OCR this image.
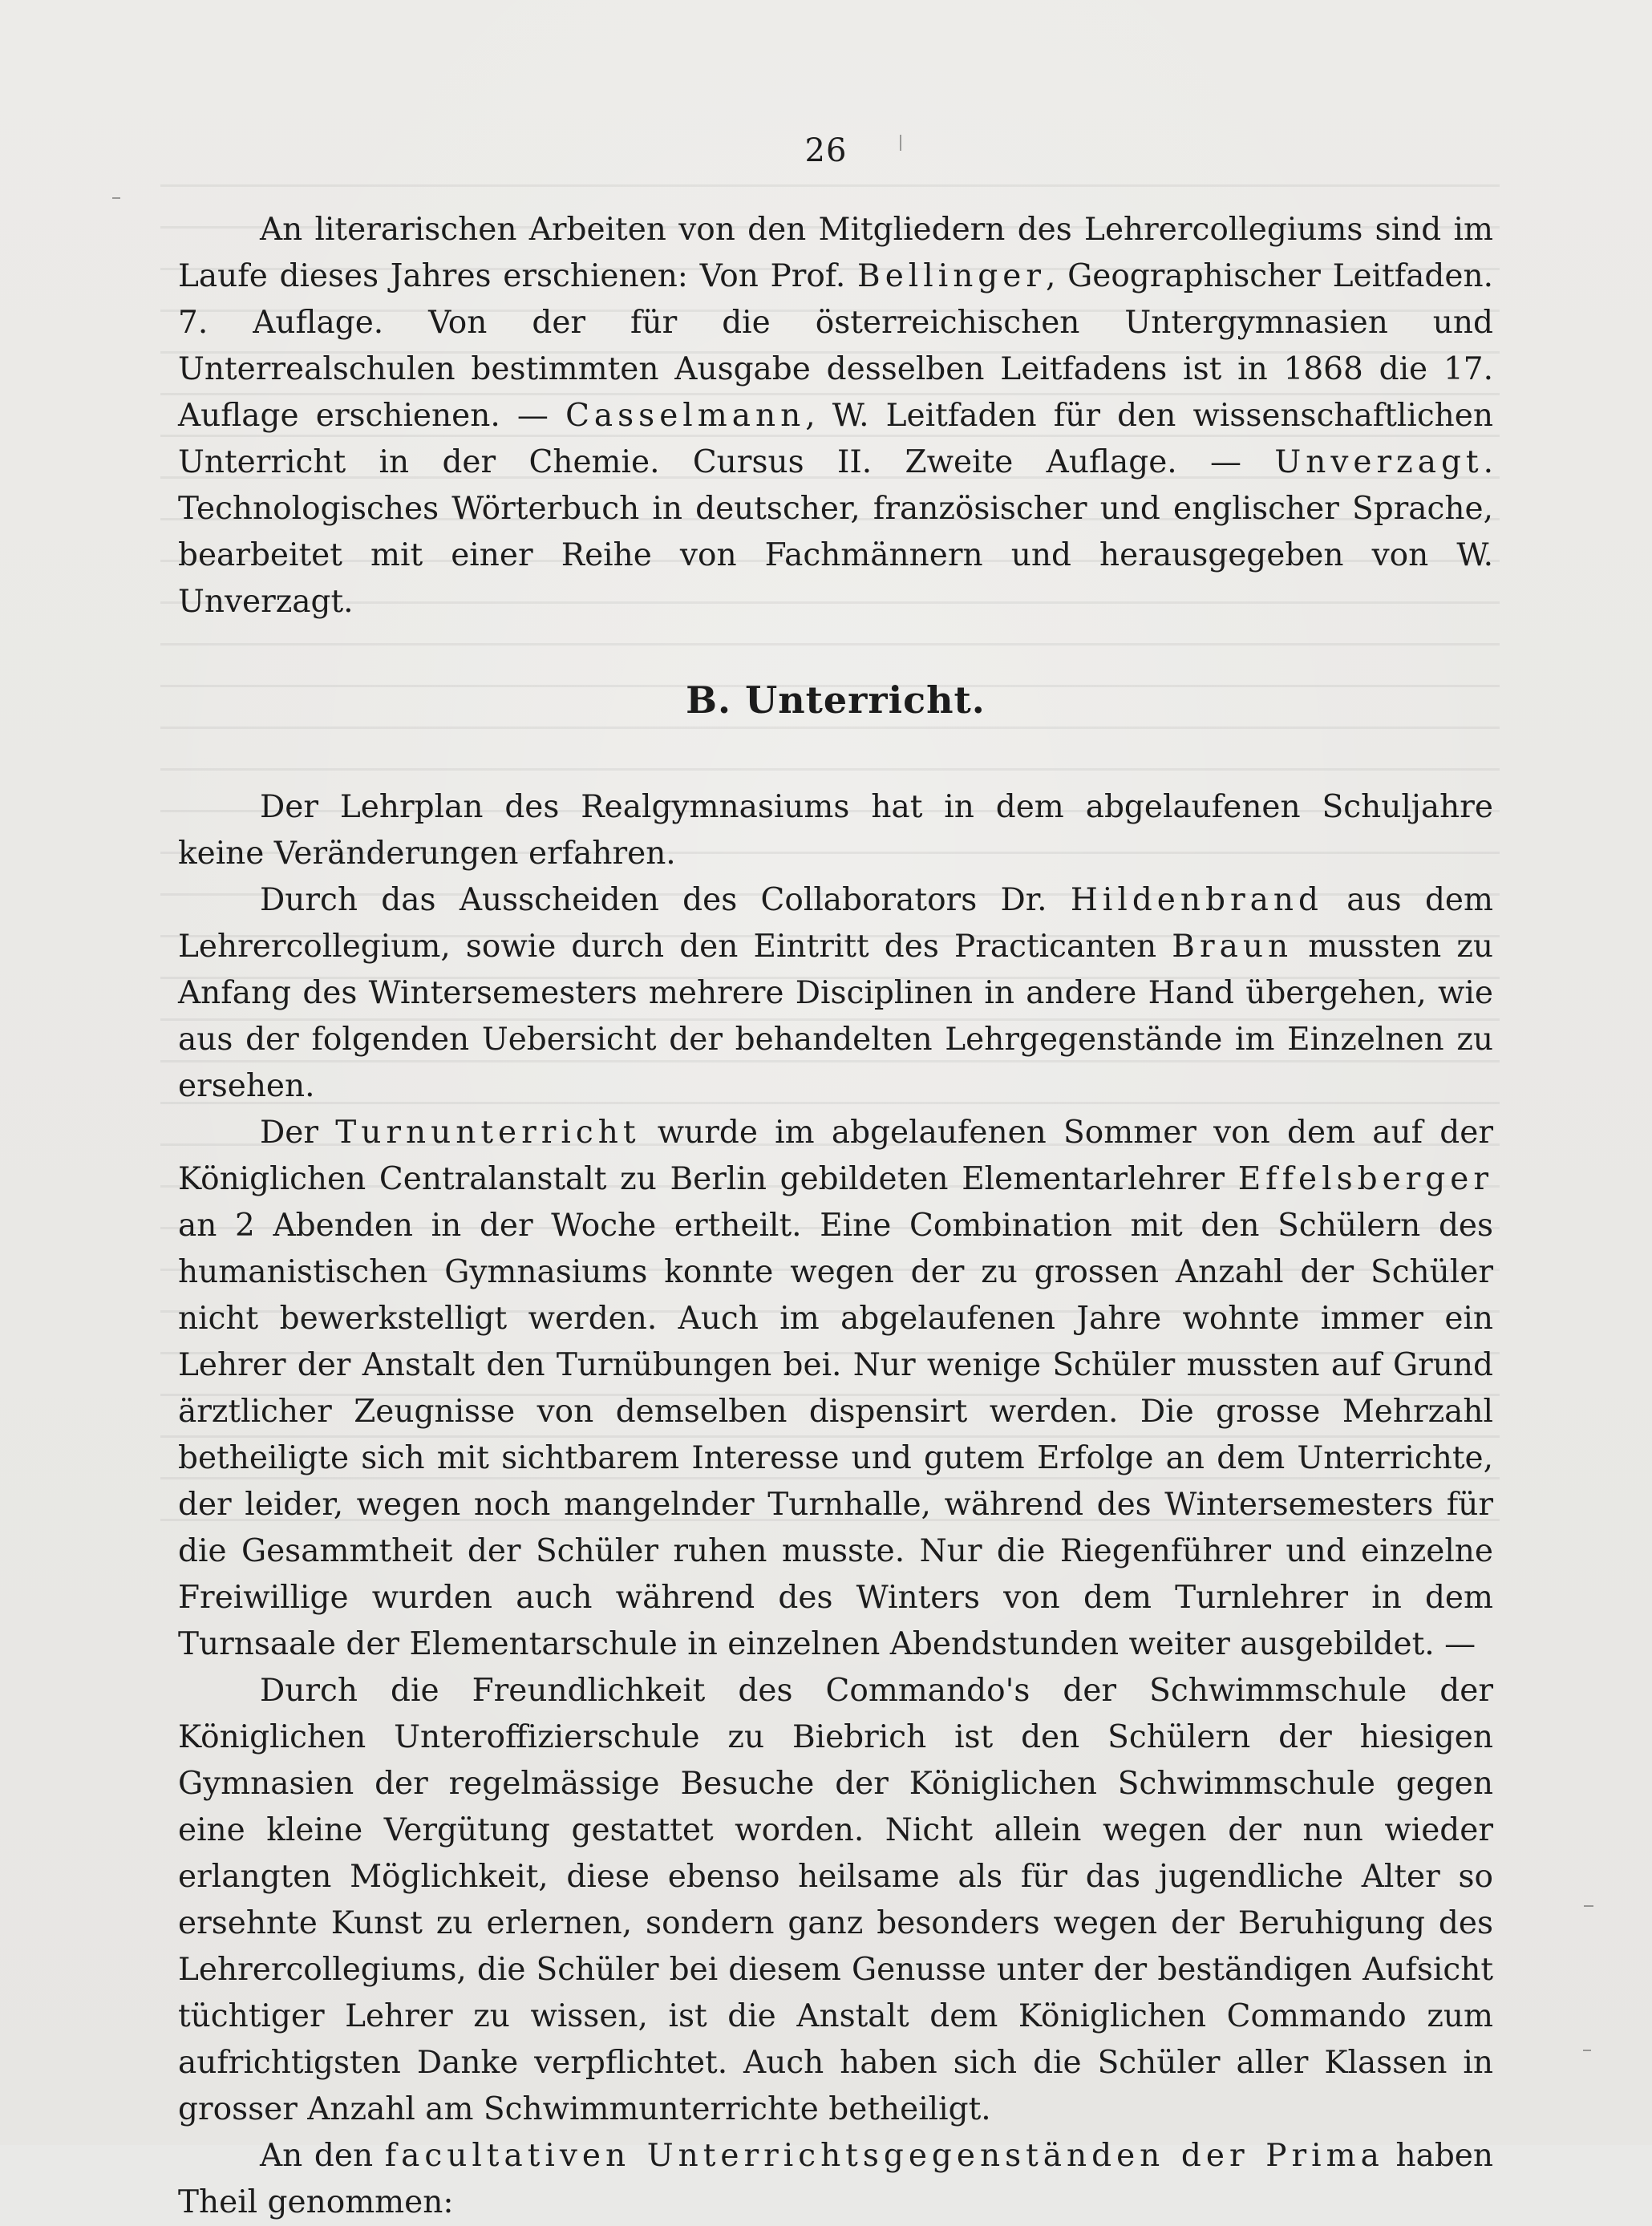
26

An literarischen Arbeiten von den Mitgliedern des Lehrercollegiums sind im Laufe dieses Jahres erschienen: Von Prof. Bellinger, Geographischer Leitfaden. 7. Auflage. Von der für die österreichischen Untergymnasien und Unterrealschulen bestimmten Ausgabe desselben Leitfadens ist in 1868 die 17. Auflage erschienen. — Casselmann, W. Leitfaden für den wissenschaftlichen Unterricht in der Chemie. Cursus II. Zweite Auflage. — Unverzagt. Technologisches Wörterbuch in deutscher, französischer und englischer Sprache, bearbeitet mit einer Reihe von Fachmännern und herausgegeben von W. Unverzagt.

B. Unterricht.

Der Lehrplan des Realgymnasiums hat in dem abgelaufenen Schuljahre keine Veränderungen erfahren.

Durch das Ausscheiden des Collaborators Dr. Hildenbrand aus dem Lehrercollegium, sowie durch den Eintritt des Practicanten Braun mussten zu Anfang des Wintersemesters mehrere Disciplinen in andere Hand übergehen, wie aus der folgenden Uebersicht der behandelten Lehrgegenstände im Einzelnen zu ersehen.

Der Turnunterricht wurde im abgelaufenen Sommer von dem auf der Königlichen Centralanstalt zu Berlin gebildeten Elementarlehrer Effelsberger an 2 Abenden in der Woche ertheilt. Eine Combination mit den Schülern des humanistischen Gymnasiums konnte wegen der zu grossen Anzahl der Schüler nicht bewerkstelligt werden. Auch im abgelaufenen Jahre wohnte immer ein Lehrer der Anstalt den Turnübungen bei. Nur wenige Schüler mussten auf Grund ärztlicher Zeugnisse von demselben dispensirt werden. Die grosse Mehrzahl betheiligte sich mit sichtbarem Interesse und gutem Erfolge an dem Unterrichte, der leider, wegen noch mangelnder Turnhalle, während des Wintersemesters für die Gesammtheit der Schüler ruhen musste. Nur die Riegenführer und einzelne Freiwillige wurden auch während des Winters von dem Turnlehrer in dem Turnsaale der Elementarschule in einzelnen Abendstunden weiter ausgebildet. —

Durch die Freundlichkeit des Commando's der Schwimmschule der Königlichen Unteroffizierschule zu Biebrich ist den Schülern der hiesigen Gymnasien der regelmässige Besuche der Königlichen Schwimmschule gegen eine kleine Vergütung gestattet worden. Nicht allein wegen der nun wieder erlangten Möglichkeit, diese ebenso heilsame als für das jugendliche Alter so ersehnte Kunst zu erlernen, sondern ganz besonders wegen der Beruhigung des Lehrercollegiums, die Schüler bei diesem Genusse unter der beständigen Aufsicht tüchtiger Lehrer zu wissen, ist die Anstalt dem Königlichen Commando zum aufrichtigsten Danke verpflichtet. Auch haben sich die Schüler aller Klassen in grosser Anzahl am Schwimmunterrichte betheiligt.

An den facultativen Unterrichtsgegenständen der Prima haben Theil genommen:
